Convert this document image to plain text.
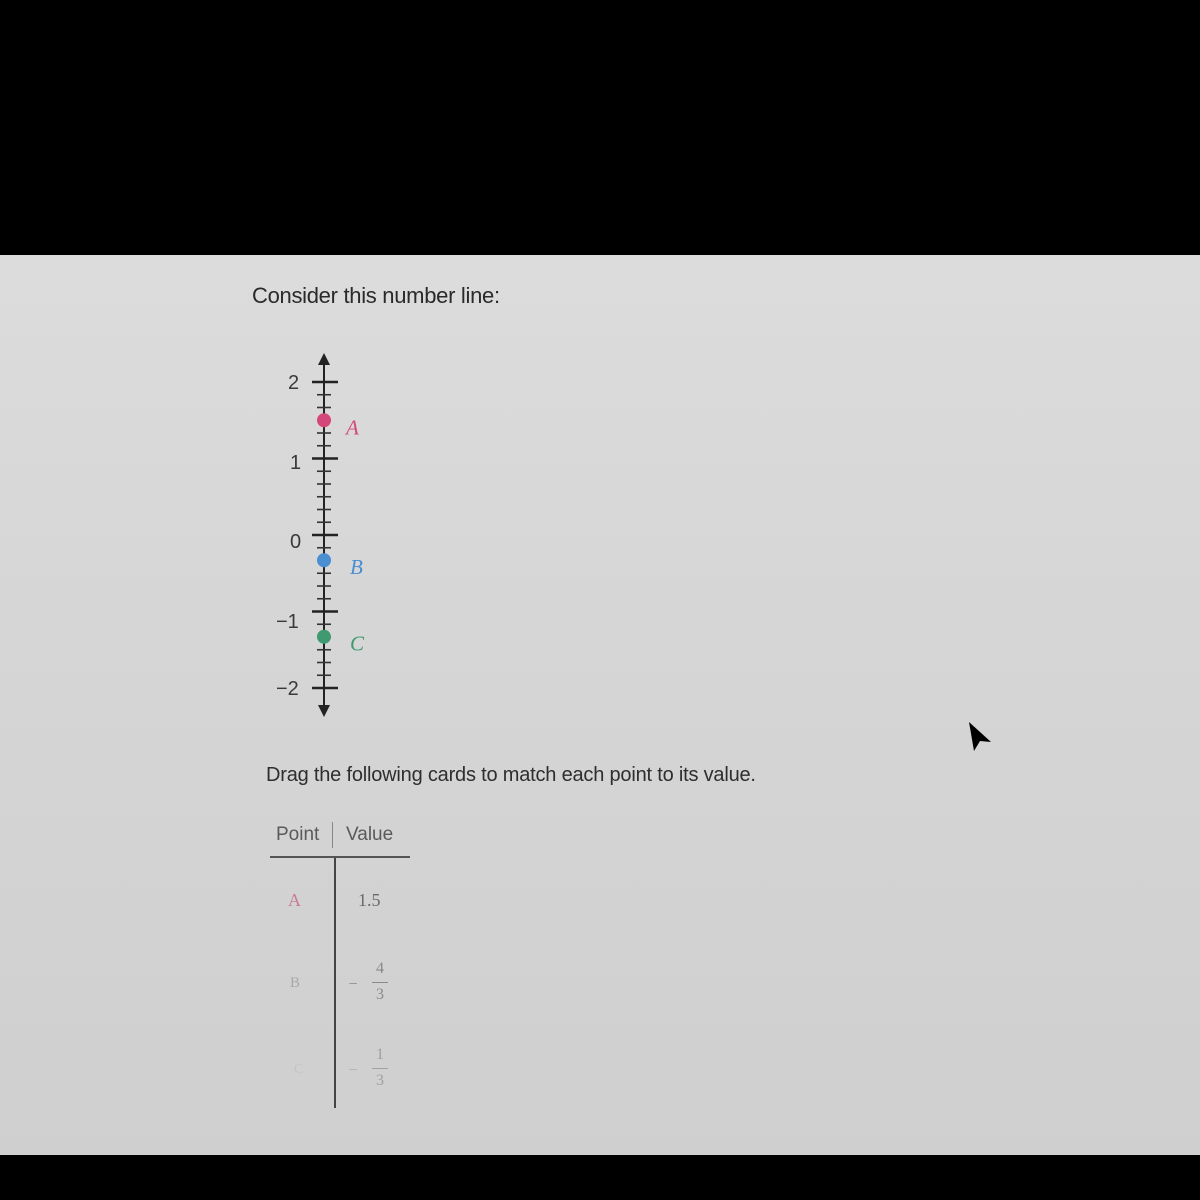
Consider this number line:
2
1
0
−1
−2
A
B
C
Drag the following cards to match each point to its value.
Point Value
A	1.5
B	−
4
3
C	−
1
3
